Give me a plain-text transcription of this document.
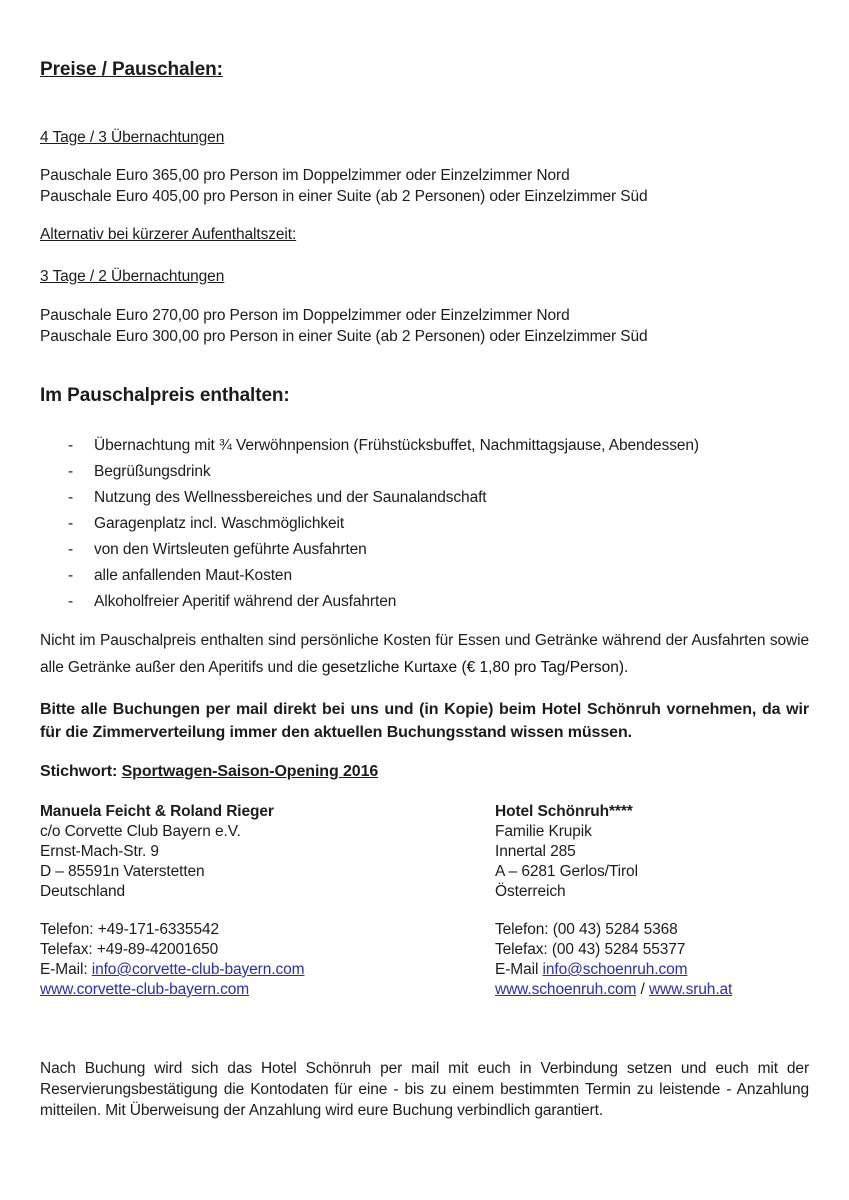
Preise / Pauschalen:

4 Tage / 3 Übernachtungen

Pauschale Euro 365,00 pro Person im Doppelzimmer oder Einzelzimmer Nord

Pauschale Euro 405,00 pro Person in einer Suite (ab 2 Personen) oder Einzelzimmer Süd

Alternativ bei kürzerer Aufenthaltszeit:

3 Tage / 2 Übernachtungen

Pauschale Euro 270,00 pro Person im Doppelzimmer oder Einzelzimmer Nord

Pauschale Euro 300,00 pro Person in einer Suite (ab 2 Personen) oder Einzelzimmer Süd

Im Pauschalpreis enthalten:
-	Übernachtung mit ¾ Verwöhnpension (Frühstücksbuffet, Nachmittagsjause, Abendessen)
-	Begrüßungsdrink
-	Nutzung des Wellnessbereiches und der Saunalandschaft
-	Garagenplatz incl. Waschmöglichkeit
-	von den Wirtsleuten geführte Ausfahrten
-	alle anfallenden Maut-Kosten
-	Alkoholfreier Aperitif während der Ausfahrten

Nicht im Pauschalpreis enthalten sind persönliche Kosten für Essen und Getränke während der Ausfahrten sowie alle Getränke außer den Aperitifs und die gesetzliche Kurtaxe (€ 1,80 pro Tag/Person).

Bitte alle Buchungen per mail direkt bei uns und (in Kopie) beim Hotel Schönruh vornehmen, da wir für die Zimmerverteilung immer den aktuellen Buchungsstand wissen müssen.

Stichwort: Sportwagen-Saison-Opening 2016

Manuela Feicht & Roland Rieger

c/o Corvette Club Bayern e.V.

Ernst-Mach-Str. 9

D – 85591n Vaterstetten

Deutschland

Telefon: +49-171-6335542

Telefax: +49-89-42001650

E-Mail: info@corvette-club-bayern.com

www.corvette-club-bayern.com

Hotel Schönruh****

Familie Krupik

Innertal 285

A – 6281 Gerlos/Tirol

Österreich

Telefon: (00 43) 5284 5368

Telefax: (00 43) 5284 55377

E-Mail info@schoenruh.com

www.schoenruh.com / www.sruh.at

Nach Buchung wird sich das Hotel Schönruh per mail mit euch in Verbindung setzen und euch mit der Reservierungsbestätigung die Kontodaten für eine - bis zu einem bestimmten Termin zu leistende - Anzahlung mitteilen. Mit Überweisung der Anzahlung wird eure Buchung verbindlich garantiert.
